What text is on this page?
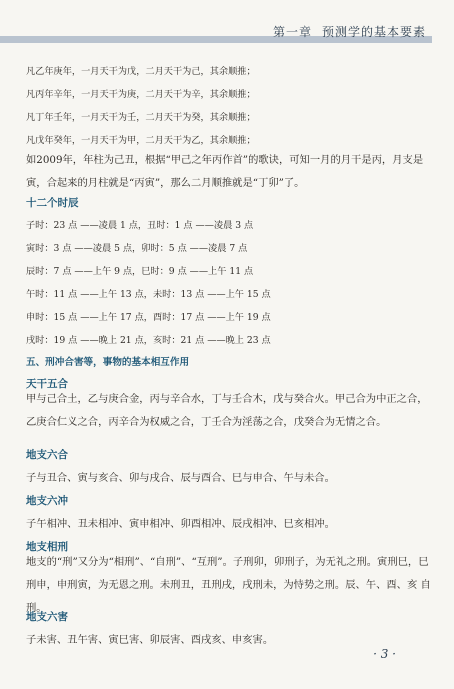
第一章 预测学的基本要素
凡乙年庚年，一月天干为戊，二月天干为己，其余顺推；
凡丙年辛年，一月天干为庚，二月天干为辛，其余顺推；
凡丁年壬年，一月天干为壬，二月天干为癸，其余顺推；
凡戊年癸年，一月天干为甲，二月天干为乙，其余顺推；
如2009年，年柱为己丑，根据“甲己之年丙作首”的歌诀，可知一月的月干是丙，月支是寅，合起来的月柱就是“丙寅”，那么二月顺推就是“丁卯”了。
十二个时辰
子时：23 点 ——凌晨 1 点，丑时：1 点 ——凌晨 3 点
寅时：3 点 ——凌晨 5 点，卯时：5 点 ——凌晨 7 点
辰时：7 点 ——上午 9 点，巳时：9 点 ——上午 11 点
午时：11 点 ——上午 13 点，未时：13 点 ——上午 15 点
申时：15 点 ——上午 17 点，酉时：17 点 ——上午 19 点
戌时：19 点 ——晚上 21 点，亥时：21 点 ——晚上 23 点
五、刑冲合害等，事物的基本相互作用
天干五合
甲与己合土，乙与庚合金，丙与辛合水，丁与壬合木，戊与癸合火。甲己合为中正之合，乙庚合仁义之合，丙辛合为权威之合，丁壬合为淫荡之合，戊癸合为无情之合。
地支六合
子与丑合、寅与亥合、卯与戌合、辰与酉合、巳与申合、午与未合。
地支六冲
子午相冲、丑未相冲、寅申相冲、卯酉相冲、辰戌相冲、巳亥相冲。
地支相刑
地支的“刑”又分为“相刑”、“自刑”、“互刑”。子刑卯，卯刑子，为无礼之刑。寅刑巳，巳刑申，申刑寅，为无恩之刑。未刑丑，丑刑戌，戌刑未，为恃势之刑。辰、午、酉、亥 自刑。
地支六害
子未害、丑午害、寅巳害、卯辰害、酉戌亥、申亥害。
· 3 ·
